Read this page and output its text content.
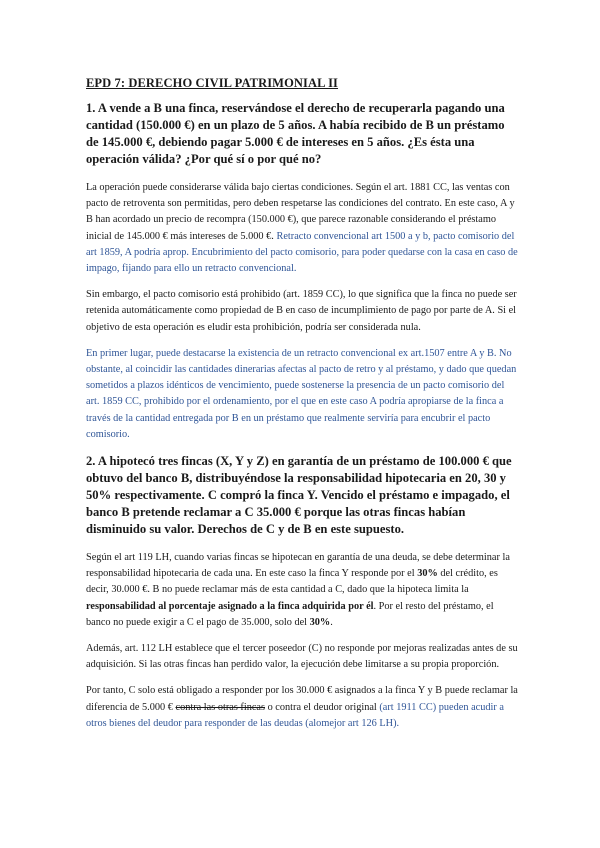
EPD 7: DERECHO CIVIL PATRIMONIAL II
1. A vende a B una finca, reservándose el derecho de recuperarla pagando una cantidad (150.000 €) en un plazo de 5 años. A había recibido de B un préstamo de 145.000 €, debiendo pagar 5.000 € de intereses en 5 años. ¿Es ésta una operación válida? ¿Por qué sí o por qué no?

La operación puede considerarse válida bajo ciertas condiciones. Según el art. 1881 CC, las ventas con pacto de retroventa son permitidas, pero deben respetarse las condiciones del contrato. En este caso, A y B han acordado un precio de recompra (150.000 €), que parece razonable considerando el préstamo inicial de 145.000 € más intereses de 5.000 €. Retracto convencional art 1500 a y b, pacto comisorio del art 1859, A podría aprop. Encubrimiento del pacto comisorio, para poder quedarse con la casa en caso de impago, fijando para ello un retracto convencional.

Sin embargo, el pacto comisorio está prohibido (art. 1859 CC), lo que significa que la finca no puede ser retenida automáticamente como propiedad de B en caso de incumplimiento de pago por parte de A. Si el objetivo de esta operación es eludir esta prohibición, podría ser considerada nula.

En primer lugar, puede destacarse la existencia de un retracto convencional ex art.1507 entre A y B. No obstante, al coincidir las cantidades dinerarias afectas al pacto de retro y al préstamo, y dado que quedan sometidos a plazos idénticos de vencimiento, puede sostenerse la presencia de un pacto comisorio del art. 1859 CC, prohibido por el ordenamiento, por el que en este caso A podría apropiarse de la finca a través de la cantidad entregada por B en un préstamo que realmente serviría para encubrir el pacto comisorio.

2. A hipotecó tres fincas (X, Y y Z) en garantía de un préstamo de 100.000 € que obtuvo del banco B, distribuyéndose la responsabilidad hipotecaria en 20, 30 y 50% respectivamente. C compró la finca Y. Vencido el préstamo e impagado, el banco B pretende reclamar a C 35.000 € porque las otras fincas habían disminuido su valor. Derechos de C y de B en este supuesto.

Según el art 119 LH, cuando varias fincas se hipotecan en garantía de una deuda, se debe determinar la responsabilidad hipotecaria de cada una. En este caso la finca Y responde por el 30% del crédito, es decir, 30.000 €. B no puede reclamar más de esta cantidad a C, dado que la hipoteca limita la responsabilidad al porcentaje asignado a la finca adquirida por él. Por el resto del préstamo, el banco no puede exigir a C el pago de 35.000, solo del 30%.

Además, art. 112 LH establece que el tercer poseedor (C) no responde por mejoras realizadas antes de su adquisición. Si las otras fincas han perdido valor, la ejecución debe limitarse a su propia proporción.

Por tanto, C solo está obligado a responder por los 30.000 € asignados a la finca Y y B puede reclamar la diferencia de 5.000 € contra las otras fincas o contra el deudor original (art 1911 CC) pueden acudir a otros bienes del deudor para responder de las deudas (alomejor art 126 LH).
